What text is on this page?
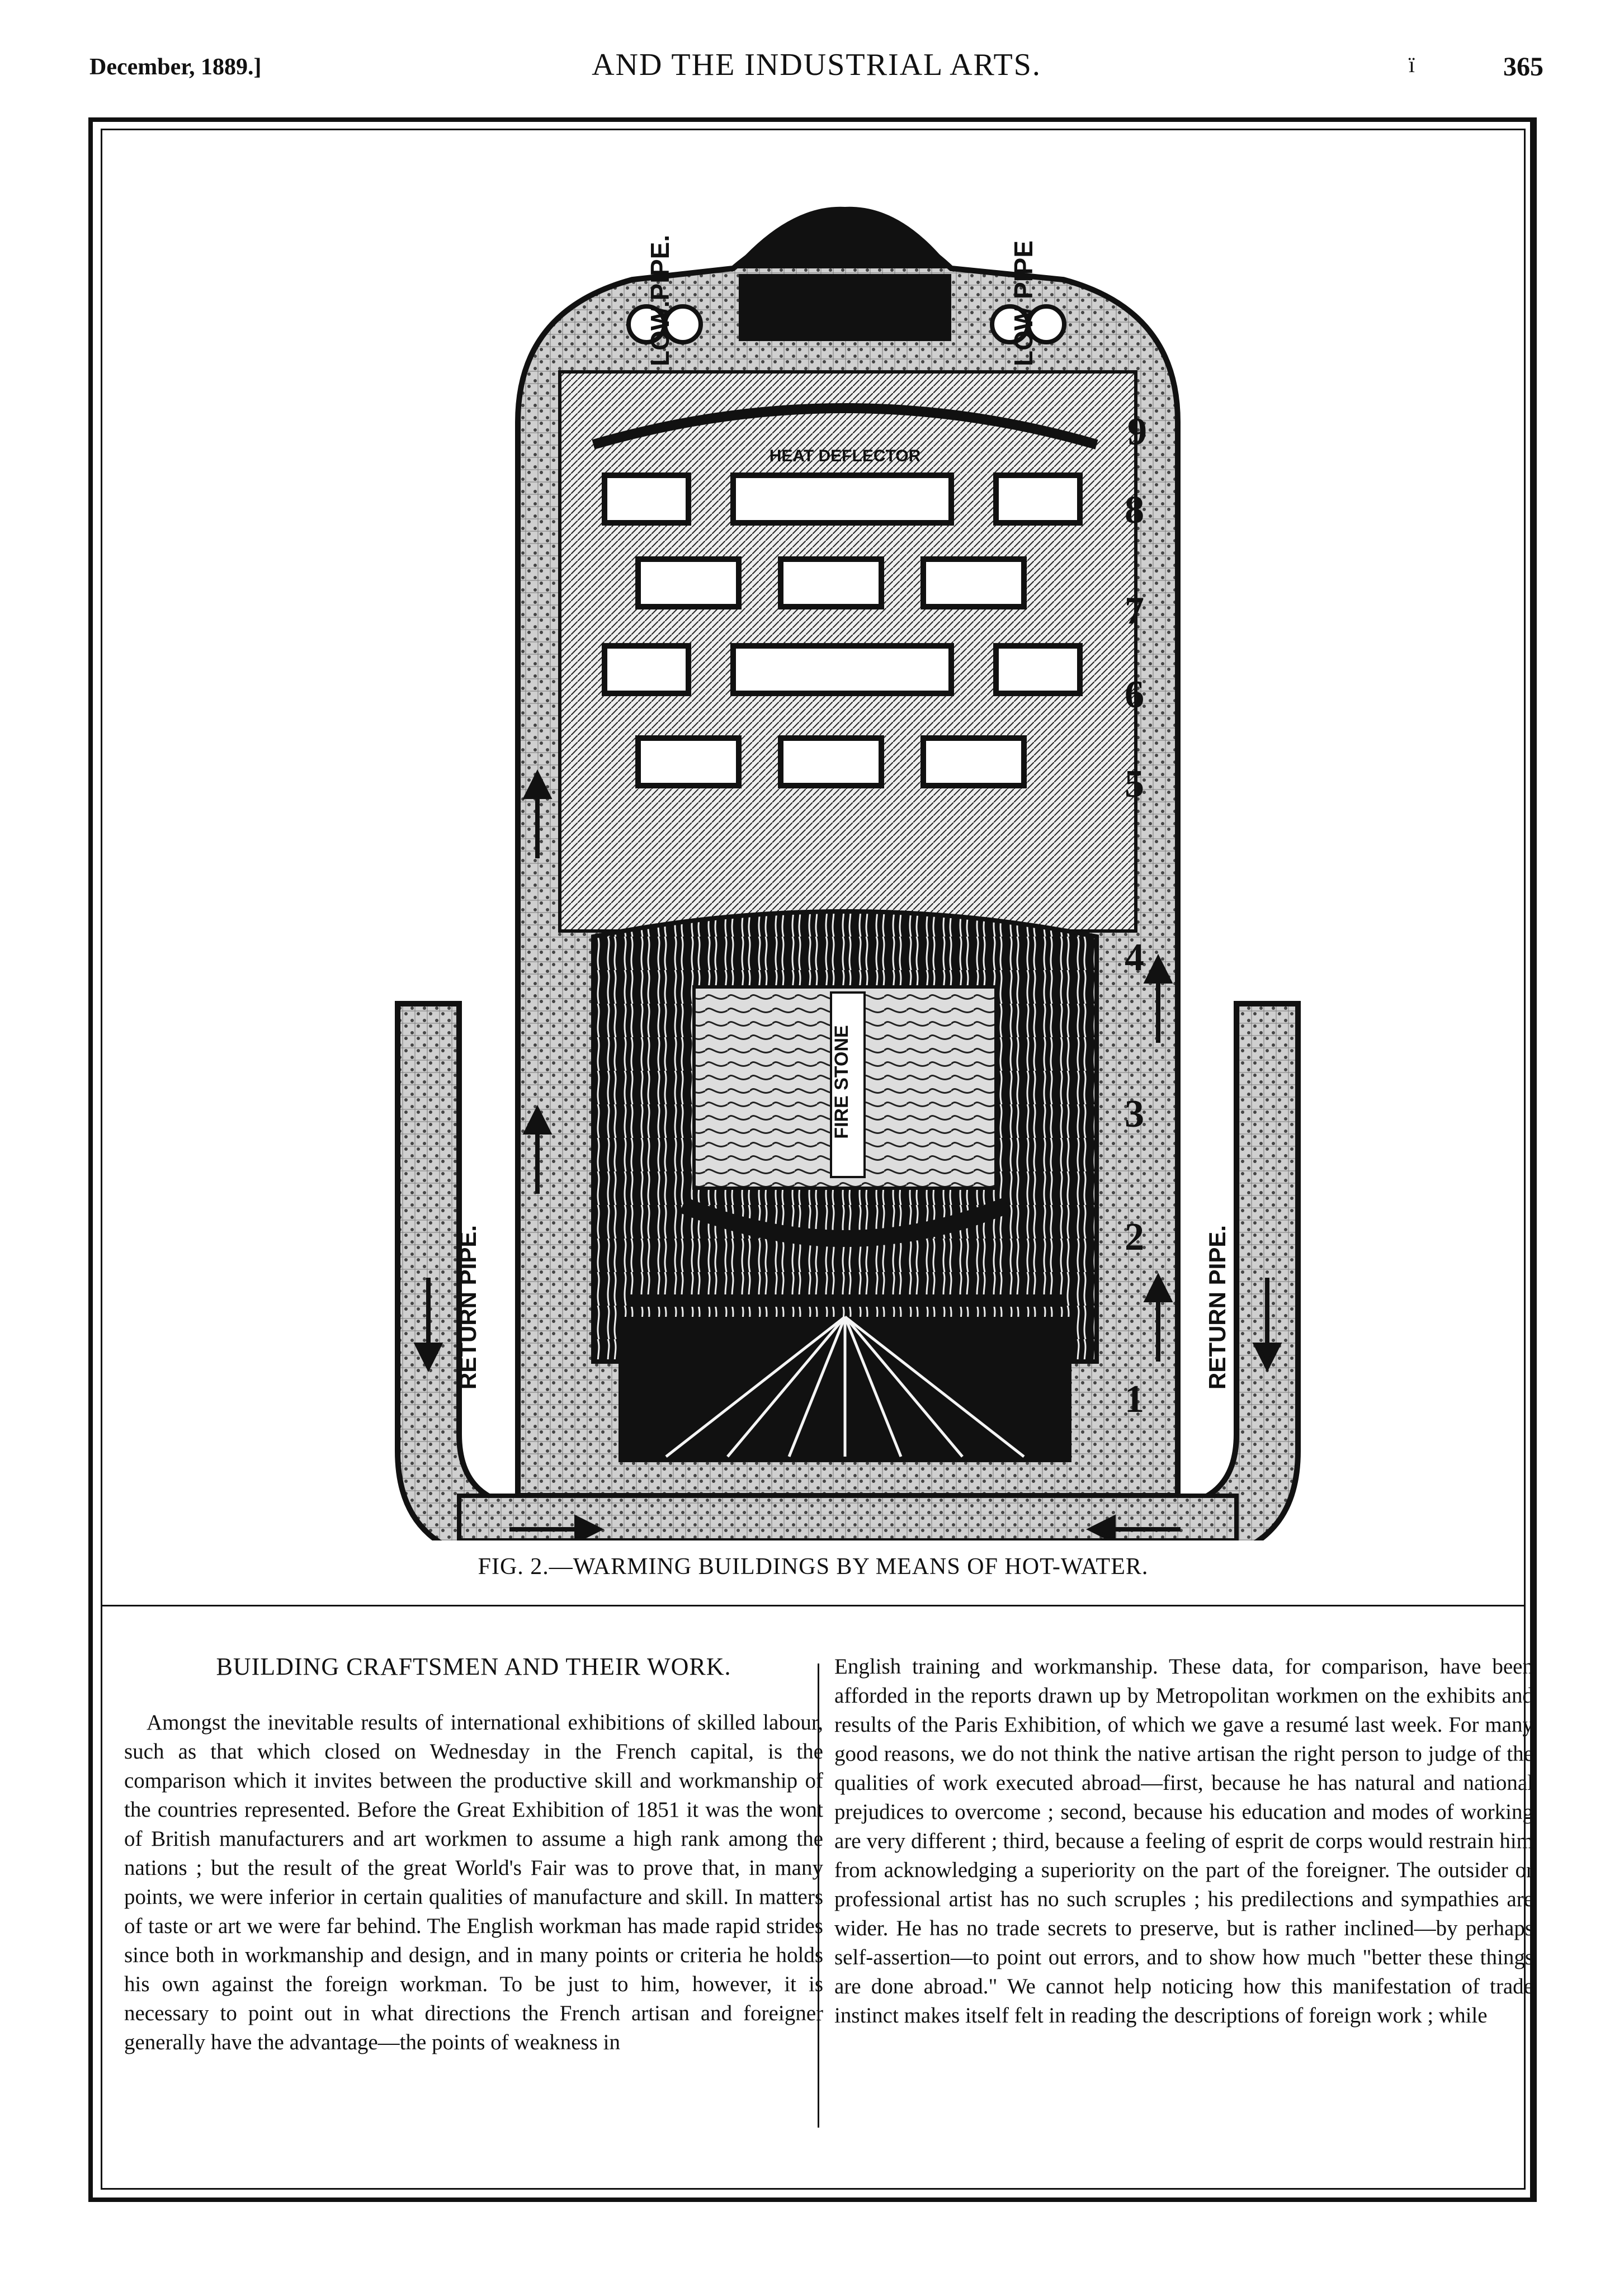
December, 1889.]	AND THE INDUSTRIAL ARTS.	ï	365
FIRE STONE
LOW.PIPE.	LOW PIPE
RETURN PIPE.	RETURN PIPE.
HEAT DEFLECTOR
9
8
7
6
5
4
3
2
1
FIG. 2.—WARMING BUILDINGS BY MEANS OF HOT-WATER.
BUILDING CRAFTSMEN AND THEIR WORK.

Amongst the inevitable results of international exhibitions of skilled labour, such as that which closed on Wednesday in the French capital, is the comparison which it invites between the productive skill and workmanship of the countries represented. Before the Great Exhibition of 1851 it was the wont of British manufacturers and art workmen to assume a high rank among the nations ; but the result of the great World's Fair was to prove that, in many points, we were inferior in certain qualities of manufacture and skill. In matters of taste or art we were far behind. The English workman has made rapid strides since both in workmanship and design, and in many points or criteria he holds his own against the foreign workman. To be just to him, however, it is necessary to point out in what directions the French artisan and foreigner generally have the advantage—the points of weakness in

English training and workmanship. These data, for comparison, have been afforded in the reports drawn up by Metropolitan workmen on the exhibits and results of the Paris Exhibition, of which we gave a resumé last week. For many good reasons, we do not think the native artisan the right person to judge of the qualities of work executed abroad—first, because he has natural and national prejudices to overcome ; second, because his education and modes of working are very different ; third, because a feeling of esprit de corps would restrain him from acknowledging a superiority on the part of the foreigner. The outsider or professional artist has no such scruples ; his predilections and sympathies are wider. He has no trade secrets to preserve, but is rather inclined—by perhaps self-assertion—to point out errors, and to show how much "better these things are done abroad." We cannot help noticing how this manifestation of trade instinct makes itself felt in reading the descriptions of foreign work ; while
